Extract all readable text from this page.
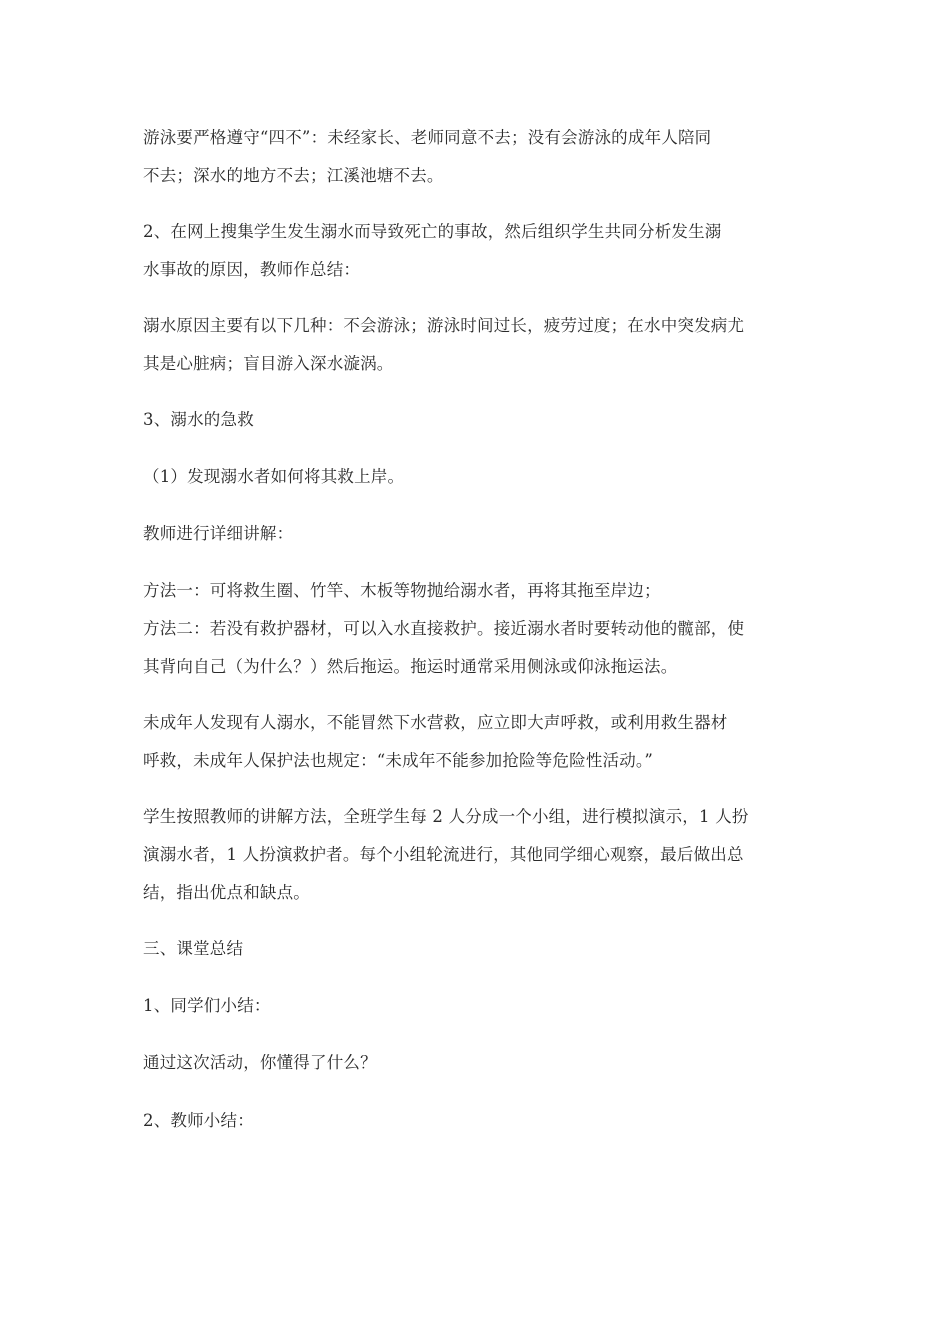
游泳要严格遵守“四不”：未经家长、老师同意不去；没有会游泳的成年人陪同
不去；深水的地方不去；江溪池塘不去。
2、在网上搜集学生发生溺水而导致死亡的事故，然后组织学生共同分析发生溺
水事故的原因，教师作总结：
溺水原因主要有以下几种：不会游泳；游泳时间过长，疲劳过度；在水中突发病尤
其是心脏病；盲目游入深水漩涡。
3、溺水的急救
（1）发现溺水者如何将其救上岸。
教师进行详细讲解：
方法一：可将救生圈、竹竿、木板等物抛给溺水者，再将其拖至岸边；
方法二：若没有救护器材，可以入水直接救护。接近溺水者时要转动他的髋部，使
其背向自己（为什么？）然后拖运。拖运时通常采用侧泳或仰泳拖运法。
未成年人发现有人溺水，不能冒然下水营救，应立即大声呼救，或利用救生器材
呼救，未成年人保护法也规定：“未成年不能参加抢险等危险性活动。”
学生按照教师的讲解方法，全班学生每 2 人分成一个小组，进行模拟演示，1 人扮
演溺水者，1 人扮演救护者。每个小组轮流进行，其他同学细心观察，最后做出总
结，指出优点和缺点。
三、课堂总结
1、同学们小结：
通过这次活动，你懂得了什么？
2、教师小结：
